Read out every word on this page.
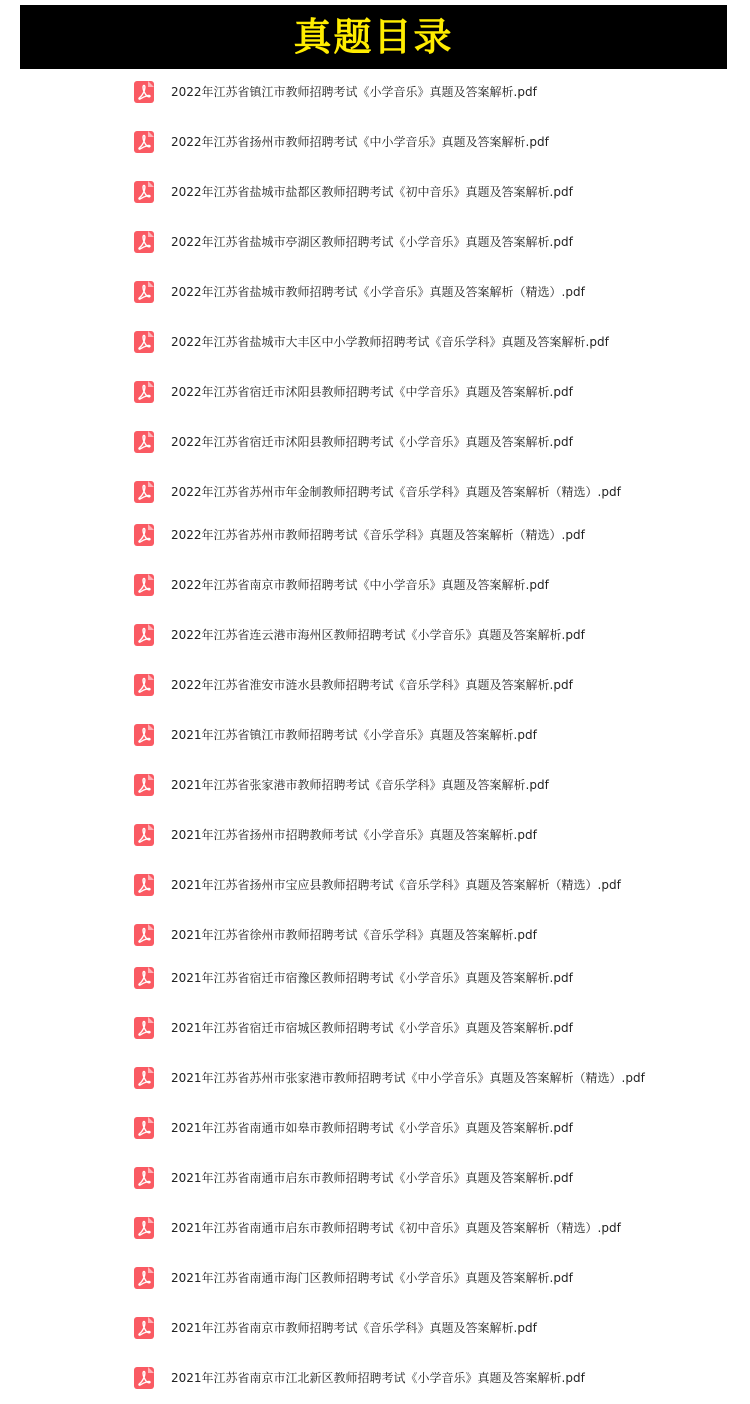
真题目录
2022年江苏省镇江市教师招聘考试《小学音乐》真题及答案解析.pdf
2022年江苏省扬州市教师招聘考试《中小学音乐》真题及答案解析.pdf
2022年江苏省盐城市盐都区教师招聘考试《初中音乐》真题及答案解析.pdf
2022年江苏省盐城市亭湖区教师招聘考试《小学音乐》真题及答案解析.pdf
2022年江苏省盐城市教师招聘考试《小学音乐》真题及答案解析（精选）.pdf
2022年江苏省盐城市大丰区中小学教师招聘考试《音乐学科》真题及答案解析.pdf
2022年江苏省宿迁市沭阳县教师招聘考试《中学音乐》真题及答案解析.pdf
2022年江苏省宿迁市沭阳县教师招聘考试《小学音乐》真题及答案解析.pdf
2022年江苏省苏州市年金制教师招聘考试《音乐学科》真题及答案解析（精选）.pdf
2022年江苏省苏州市教师招聘考试《音乐学科》真题及答案解析（精选）.pdf
2022年江苏省南京市教师招聘考试《中小学音乐》真题及答案解析.pdf
2022年江苏省连云港市海州区教师招聘考试《小学音乐》真题及答案解析.pdf
2022年江苏省淮安市涟水县教师招聘考试《音乐学科》真题及答案解析.pdf
2021年江苏省镇江市教师招聘考试《小学音乐》真题及答案解析.pdf
2021年江苏省张家港市教师招聘考试《音乐学科》真题及答案解析.pdf
2021年江苏省扬州市招聘教师考试《小学音乐》真题及答案解析.pdf
2021年江苏省扬州市宝应县教师招聘考试《音乐学科》真题及答案解析（精选）.pdf
2021年江苏省徐州市教师招聘考试《音乐学科》真题及答案解析.pdf
2021年江苏省宿迁市宿豫区教师招聘考试《小学音乐》真题及答案解析.pdf
2021年江苏省宿迁市宿城区教师招聘考试《小学音乐》真题及答案解析.pdf
2021年江苏省苏州市张家港市教师招聘考试《中小学音乐》真题及答案解析（精选）.pdf
2021年江苏省南通市如皋市教师招聘考试《小学音乐》真题及答案解析.pdf
2021年江苏省南通市启东市教师招聘考试《小学音乐》真题及答案解析.pdf
2021年江苏省南通市启东市教师招聘考试《初中音乐》真题及答案解析（精选）.pdf
2021年江苏省南通市海门区教师招聘考试《小学音乐》真题及答案解析.pdf
2021年江苏省南京市教师招聘考试《音乐学科》真题及答案解析.pdf
2021年江苏省南京市江北新区教师招聘考试《小学音乐》真题及答案解析.pdf
